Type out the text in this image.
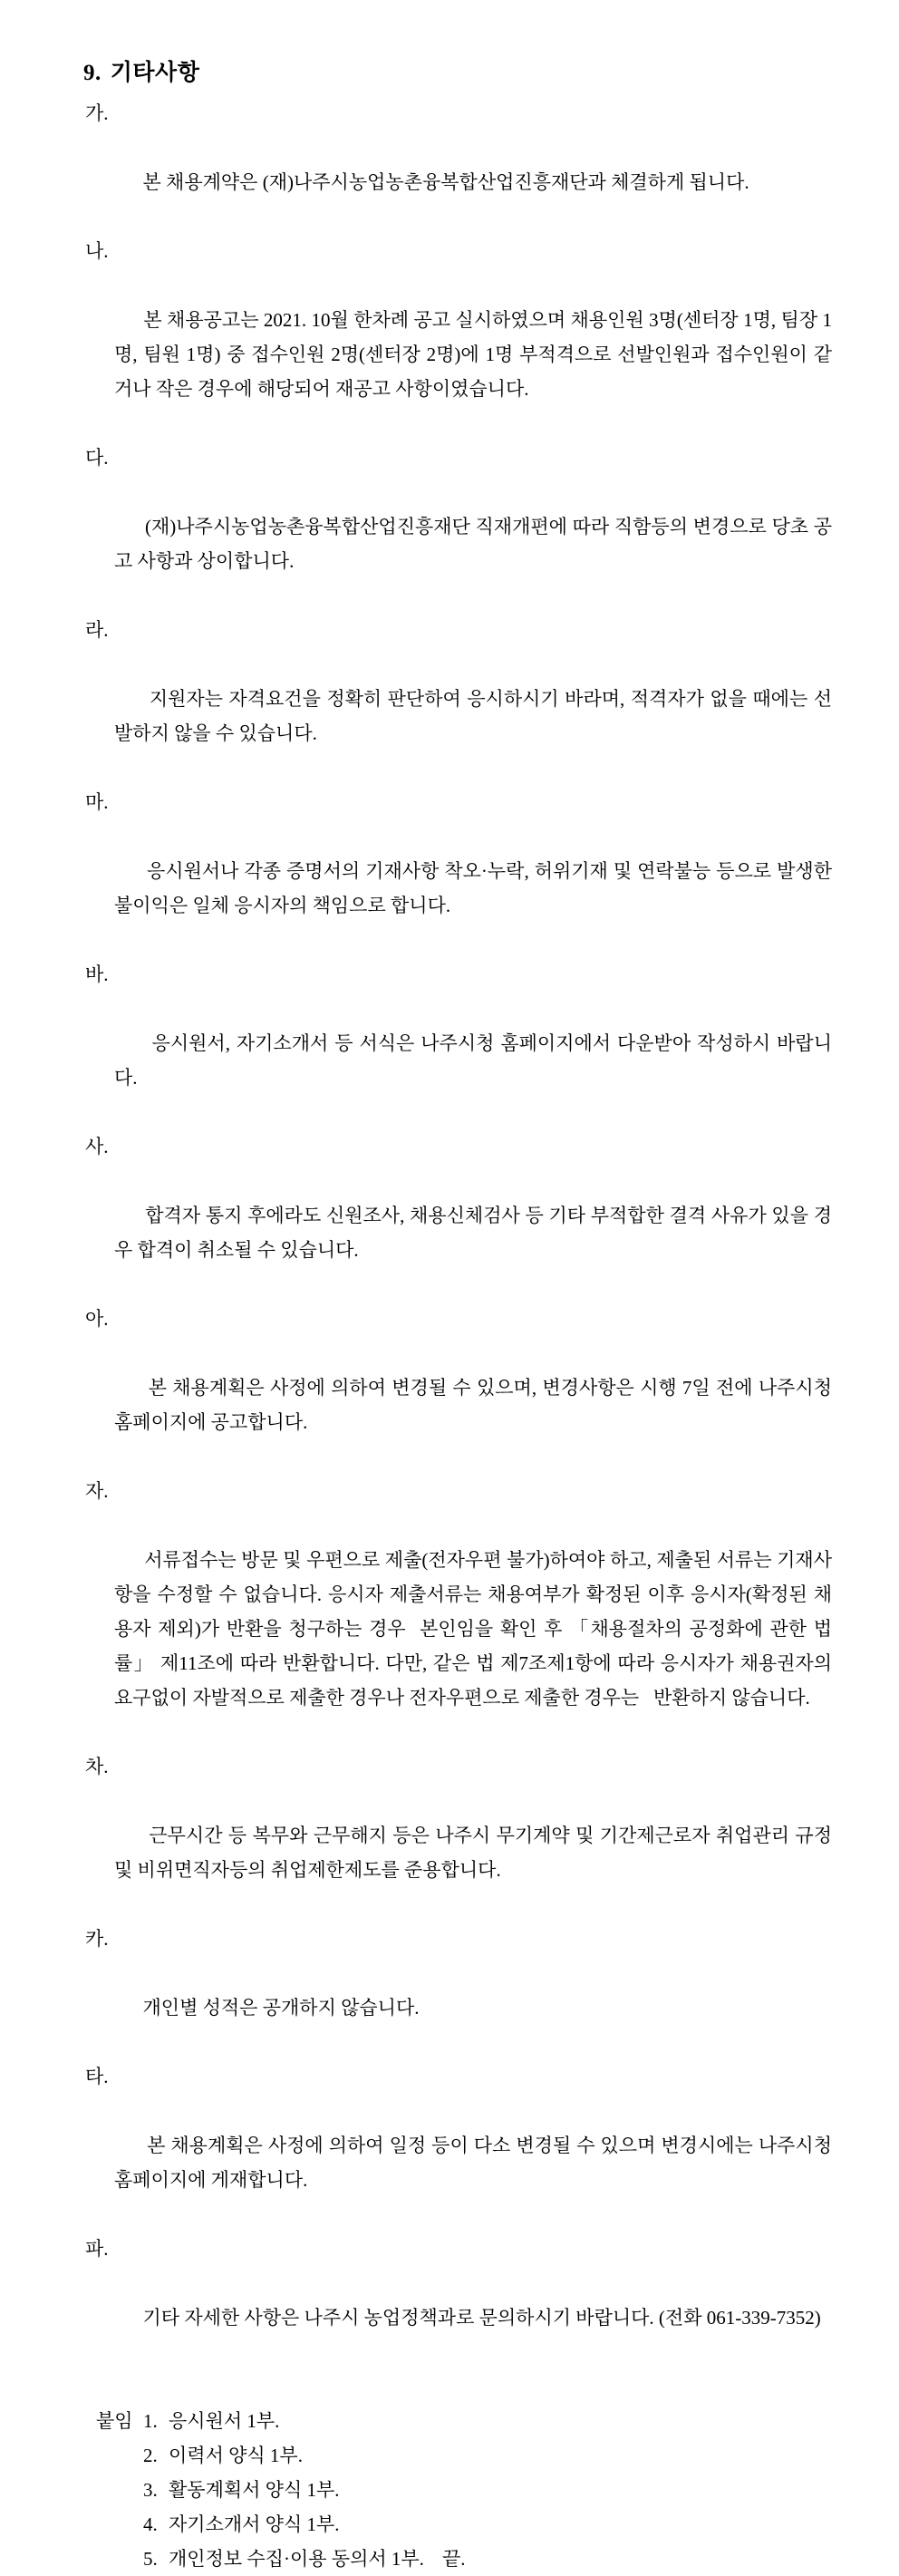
9. 기타사항

가.

본 채용계약은 (재)나주시농업농촌융복합산업진흥재단과 체결하게 됩니다.

나.

본 채용공고는 2021. 10월 한차례 공고 실시하였으며 채용인원 3명(센터장 1명, 팀장 1명, 팀원 1명) 중 접수인원 2명(센터장 2명)에 1명 부적격으로 선발인원과 접수인원이 같거나 작은 경우에 해당되어 재공고 사항이였습니다.

다.

(재)나주시농업농촌융복합산업진흥재단 직재개편에 따라 직함등의 변경으로 당초 공고 사항과 상이합니다.

라.

지원자는 자격요건을 정확히 판단하여 응시하시기 바라며, 적격자가 없을 때에는 선발하지 않을 수 있습니다.

마.

응시원서나 각종 증명서의 기재사항 착오·누락, 허위기재 및 연락불능 등으로 발생한 불이익은 일체 응시자의 책임으로 합니다.

바.

응시원서, 자기소개서 등 서식은 나주시청 홈페이지에서 다운받아 작성하시 바랍니다.

사.

합격자 통지 후에라도 신원조사, 채용신체검사 등 기타 부적합한 결격 사유가 있을 경우 합격이 취소될 수 있습니다.

아.

본 채용계획은 사정에 의하여 변경될 수 있으며, 변경사항은 시행 7일 전에 나주시청 홈페이지에 공고합니다.

자.

서류접수는 방문 및 우편으로 제출(전자우편 불가)하여야 하고, 제출된 서류는 기재사항을 수정할 수 없습니다. 응시자 제출서류는 채용여부가 확정된 이후 응시자(확정된 채용자 제외)가 반환을 청구하는 경우  본인임을 확인 후 「채용절차의 공정화에 관한 법률」 제11조에 따라 반환합니다. 다만, 같은 법 제7조제1항에 따라 응시자가 채용권자의 요구없이 자발적으로 제출한 경우나 전자우편으로 제출한 경우는   반환하지 않습니다.

차.

근무시간 등 복무와 근무해지 등은 나주시 무기계약 및 기간제근로자 취업관리 규정 및 비위면직자등의 취업제한제도를 준용합니다.

카.

개인별 성적은 공개하지 않습니다.

타.

본 채용계획은 사정에 의하여 일정 등이 다소 변경될 수 있으며 변경시에는 나주시청 홈페이지에 게재합니다.

파.

기타 자세한 사항은 나주시 농업정책과로 문의하시기 바랍니다. (전화 061-339-7352)

붙임 1. 응시원서 1부.
2. 이력서 양식 1부.
3. 활동계획서 양식 1부.
4. 자기소개서 양식 1부.
5. 개인정보 수집·이용 동의서 1부. 끝.
